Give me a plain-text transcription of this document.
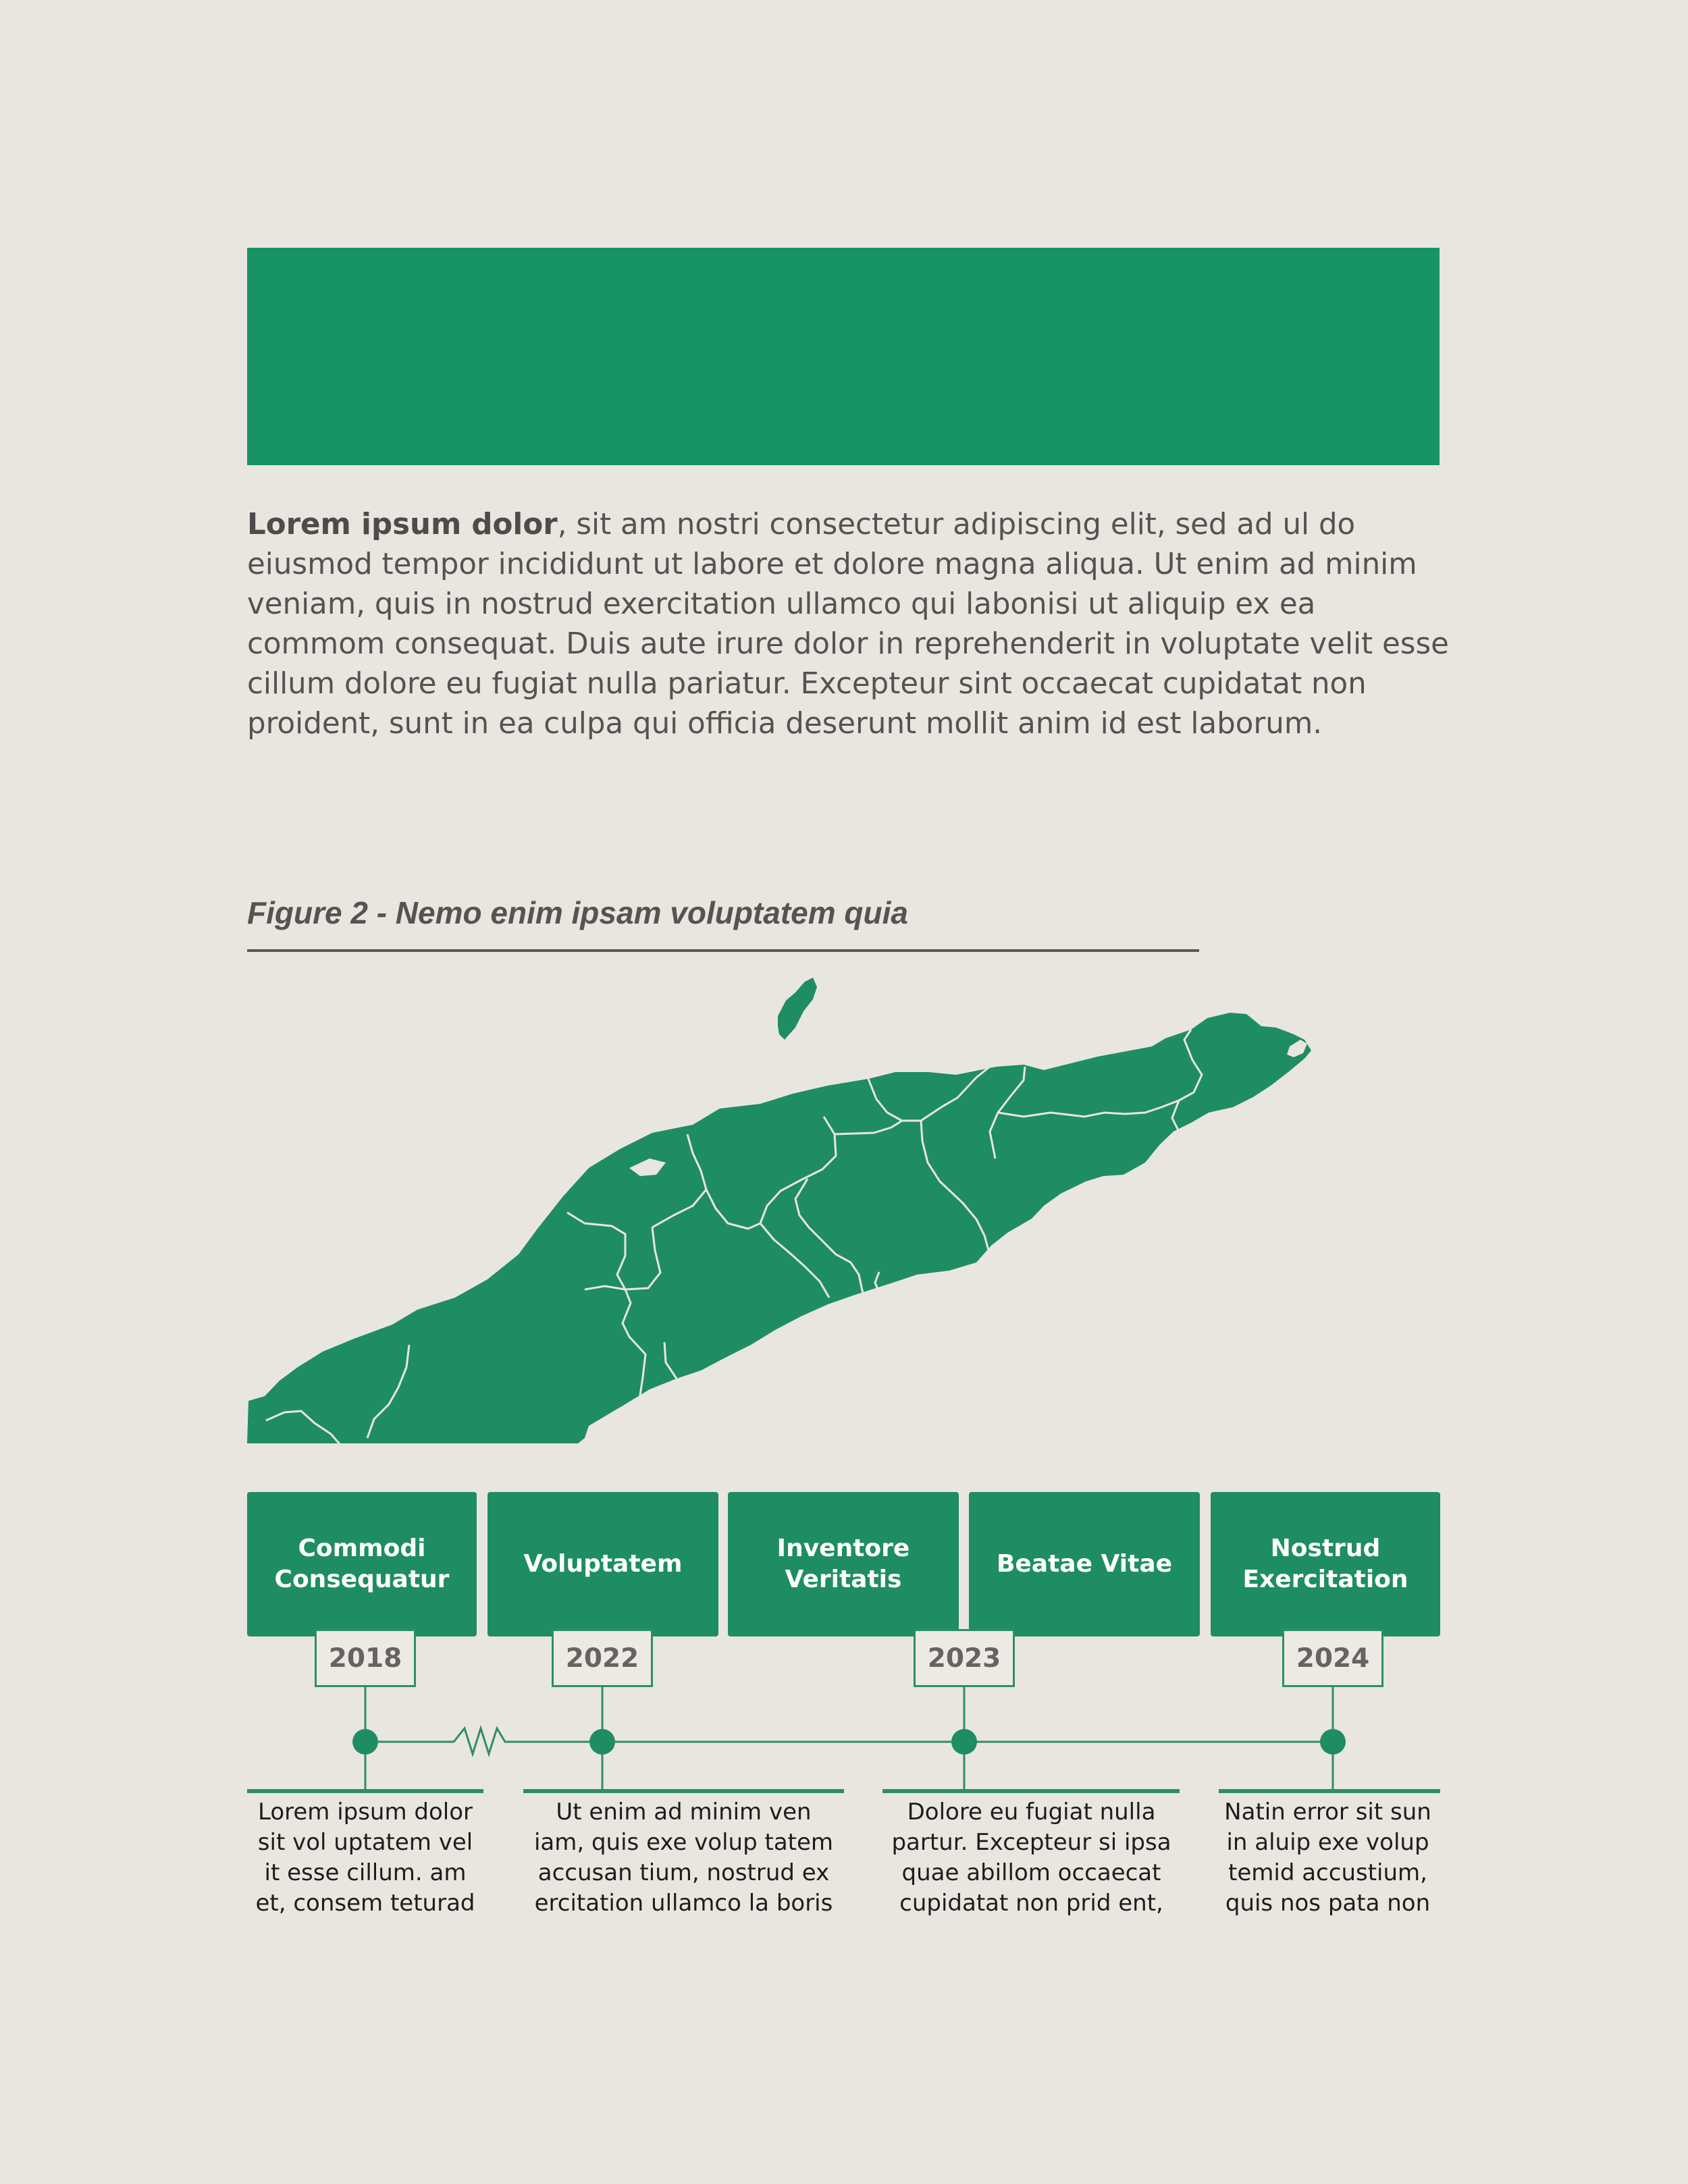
Lorem ipsum dolor, sit am nostri consectetur adipiscing elit, sed ad ul do eiusmod tempor incididunt ut labore et dolore magna aliqua. Ut enim ad minim veniam, quis in nostrud exercitation ullamco qui labonisi ut aliquip ex ea commom consequat. Duis aute irure dolor in reprehenderit in voluptate velit esse cillum dolore eu fugiat nulla pariatur. Excepteur sint occaecat cupidatat non proident, sunt in ea culpa qui officia deserunt mollit anim id est laborum.

Figure 2 - Nemo enim ipsam voluptatem quia
Commodi
Consequatur
Voluptatem
Inventore
Veritatis
Beatae Vitae
Nostrud
Exercitation
2018	2022	2023	2024
Lorem ipsum dolor
sit vol uptatem vel
it esse cillum. am
et, consem teturad
Ut enim ad minim ven
iam, quis exe volup tatem
accusan tium, nostrud ex
ercitation ullamco la boris
Dolore eu fugiat nulla
partur. Excepteur si ipsa
quae abillom occaecat
cupidatat non prid ent,
Natin error sit sun
in aluip exe volup
temid accustium,
quis nos pata non
